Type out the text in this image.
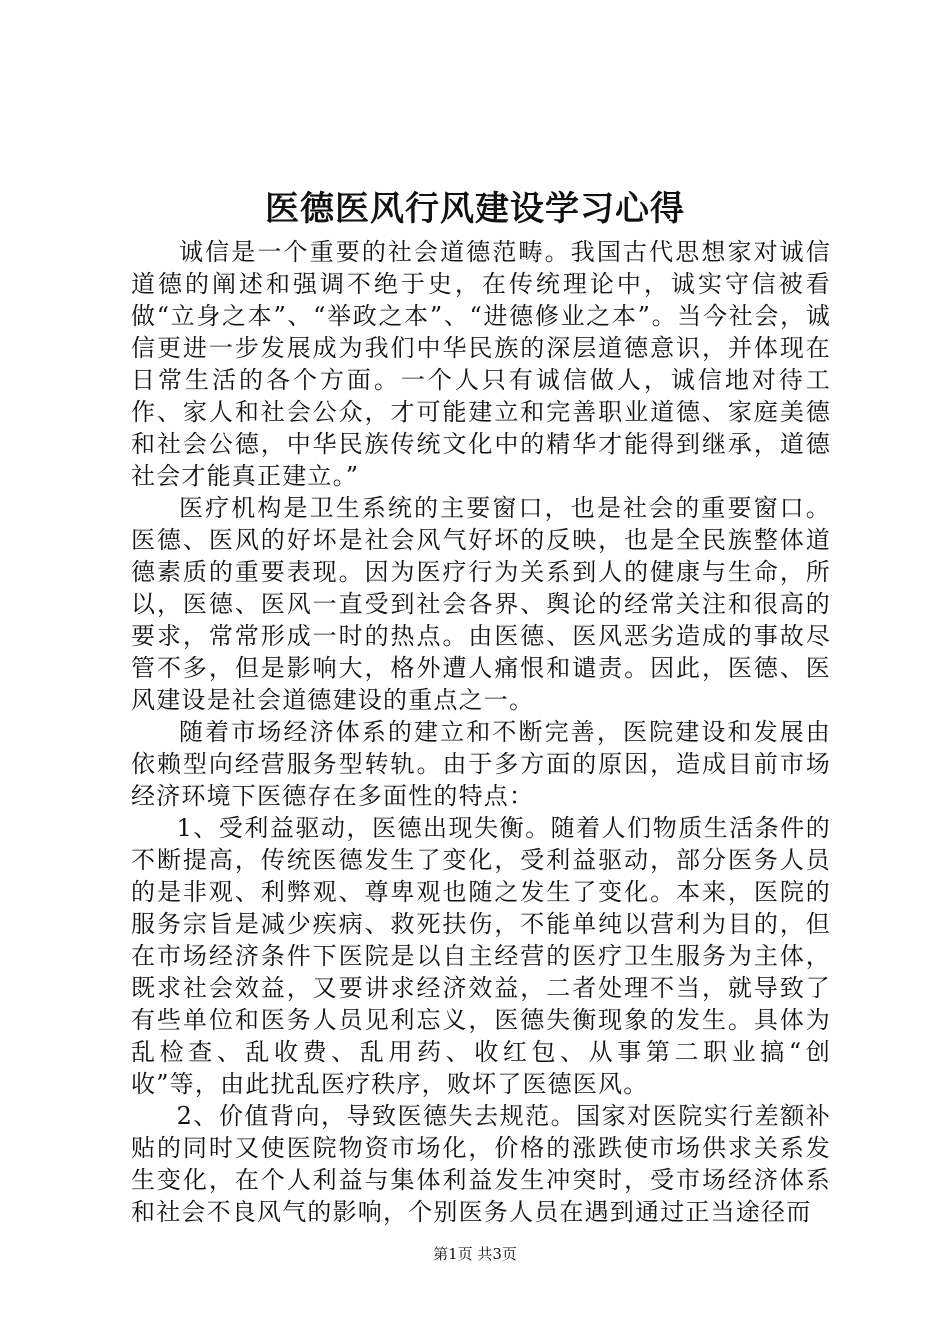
医德医风行风建设学习心得

诚信是一个重要的社会道德范畴。我国古代思想家对诚信道德的阐述和强调不绝于史，在传统理论中，诚实守信被看做“立身之本”、“举政之本”、“进德修业之本”。当今社会，诚信更进一步发展成为我们中华民族的深层道德意识，并体现在日常生活的各个方面。一个人只有诚信做人，诚信地对待工作、家人和社会公众，才可能建立和完善职业道德、家庭美德和社会公德，中华民族传统文化中的精华才能得到继承，道德社会才能真正建立。”

医疗机构是卫生系统的主要窗口，也是社会的重要窗口。医德、医风的好坏是社会风气好坏的反映，也是全民族整体道德素质的重要表现。因为医疗行为关系到人的健康与生命，所以，医德、医风一直受到社会各界、舆论的经常关注和很高的要求，常常形成一时的热点。由医德、医风恶劣造成的事故尽管不多，但是影响大，格外遭人痛恨和谴责。因此，医德、医风建设是社会道德建设的重点之一。

随着市场经济体系的建立和不断完善，医院建设和发展由依赖型向经营服务型转轨。由于多方面的原因，造成目前市场经济环境下医德存在多面性的特点：

1、受利益驱动，医德出现失衡。随着人们物质生活条件的不断提高，传统医德发生了变化，受利益驱动，部分医务人员的是非观、利弊观、尊卑观也随之发生了变化。本来，医院的服务宗旨是减少疾病、救死扶伤，不能单纯以营利为目的，但在市场经济条件下医院是以自主经营的医疗卫生服务为主体，既求社会效益，又要讲求经济效益，二者处理不当，就导致了有些单位和医务人员见利忘义，医德失衡现象的发生。具体为乱检查、乱收费、乱用药、收红包、从事第二职业搞“创收”等，由此扰乱医疗秩序，败坏了医德医风。

2、价值背向，导致医德失去规范。国家对医院实行差额补贴的同时又使医院物资市场化，价格的涨跌使市场供求关系发生变化，在个人利益与集体利益发生冲突时，受市场经济体系和社会不良风气的影响，个别医务人员在遇到通过正当途径而

第1页 共3页
